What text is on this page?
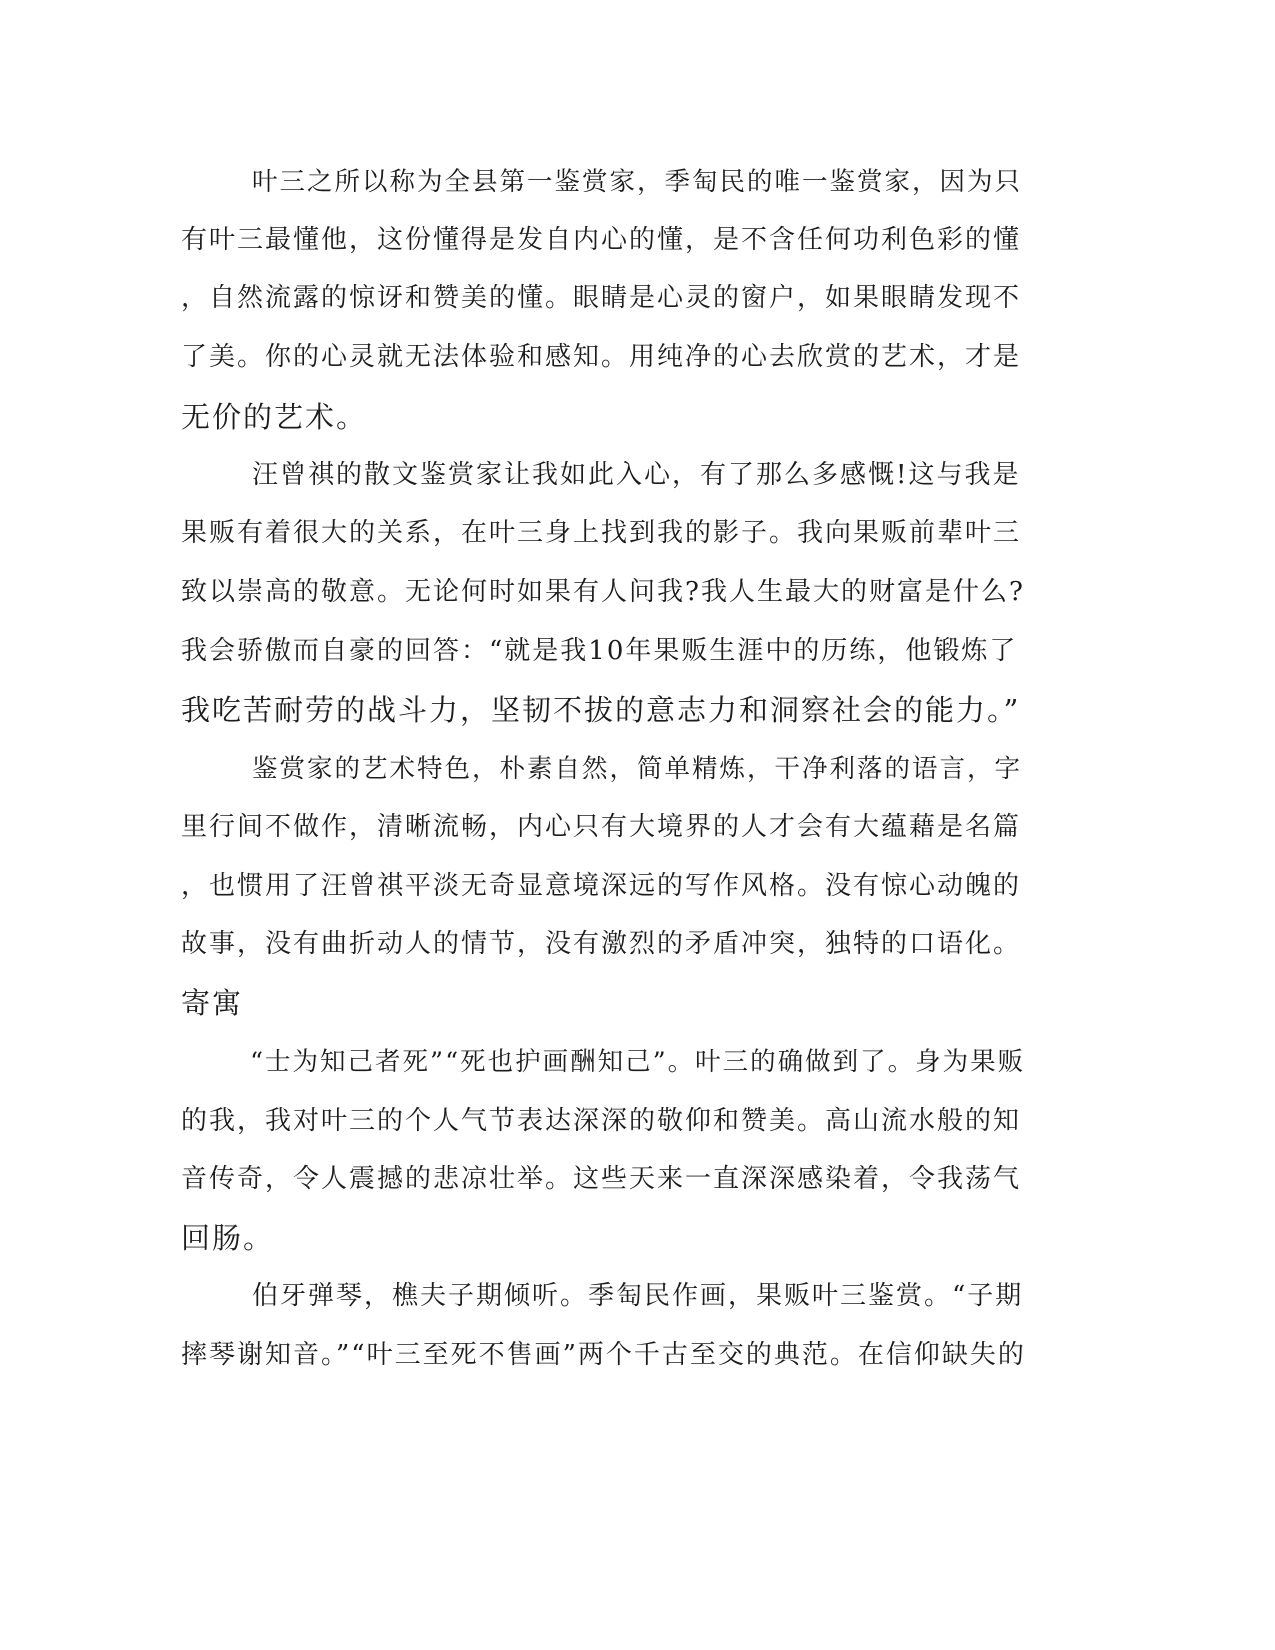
叶三之所以称为全县第一鉴赏家，季匋民的唯一鉴赏家，因为只

有叶三最懂他，这份懂得是发自内心的懂，是不含任何功利色彩的懂

，自然流露的惊讶和赞美的懂。眼睛是心灵的窗户，如果眼睛发现不

了美。你的心灵就无法体验和感知。用纯净的心去欣赏的艺术，才是

无价的艺术。

汪曾祺的散文鉴赏家让我如此入心，有了那么多感慨!这与我是

果贩有着很大的关系，在叶三身上找到我的影子。我向果贩前辈叶三

致以崇高的敬意。无论何时如果有人问我?我人生最大的财富是什么?

我会骄傲而自豪的回答：“就是我10年果贩生涯中的历练，他锻炼了

我吃苦耐劳的战斗力，坚韧不拔的意志力和洞察社会的能力。”

鉴赏家的艺术特色，朴素自然，简单精炼，干净利落的语言，字

里行间不做作，清晰流畅，内心只有大境界的人才会有大蕴藉是名篇

，也惯用了汪曾祺平淡无奇显意境深远的写作风格。没有惊心动魄的

故事，没有曲折动人的情节，没有激烈的矛盾冲突，独特的口语化。

寄寓

“士为知己者死”“死也护画酬知己”。叶三的确做到了。身为果贩

的我，我对叶三的个人气节表达深深的敬仰和赞美。高山流水般的知

音传奇，令人震撼的悲凉壮举。这些天来一直深深感染着，令我荡气

回肠。

伯牙弹琴，樵夫子期倾听。季匋民作画，果贩叶三鉴赏。“子期

摔琴谢知音。”“叶三至死不售画”两个千古至交的典范。在信仰缺失的
